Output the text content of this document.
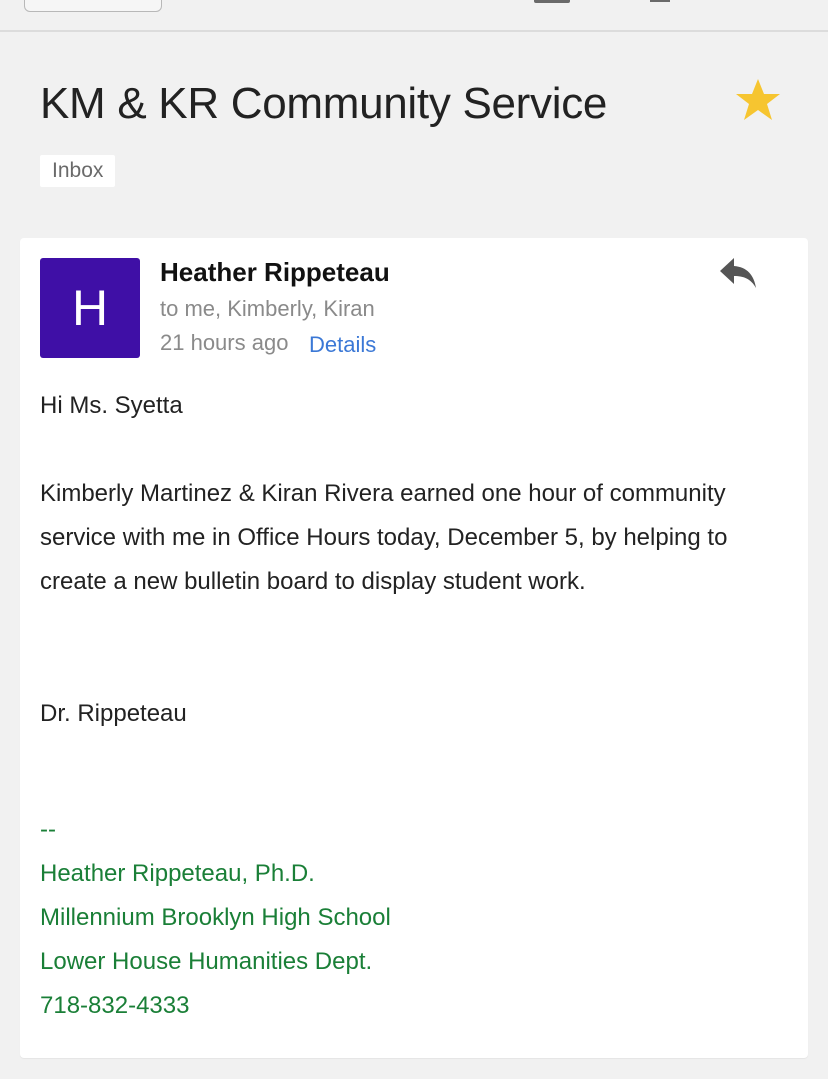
KM & KR Community Service
Inbox
H
Heather Rippeteau
to me, Kimberly, Kiran
21 hours ago Details

Hi Ms. Syetta

Kimberly Martinez & Kiran Rivera earned one hour of community service with me in Office Hours today, December 5, by helping to create a new bulletin board to display student work.

Dr. Rippeteau

--
Heather Rippeteau, Ph.D.
Millennium Brooklyn High School
Lower House Humanities Dept.
718-832-4333
